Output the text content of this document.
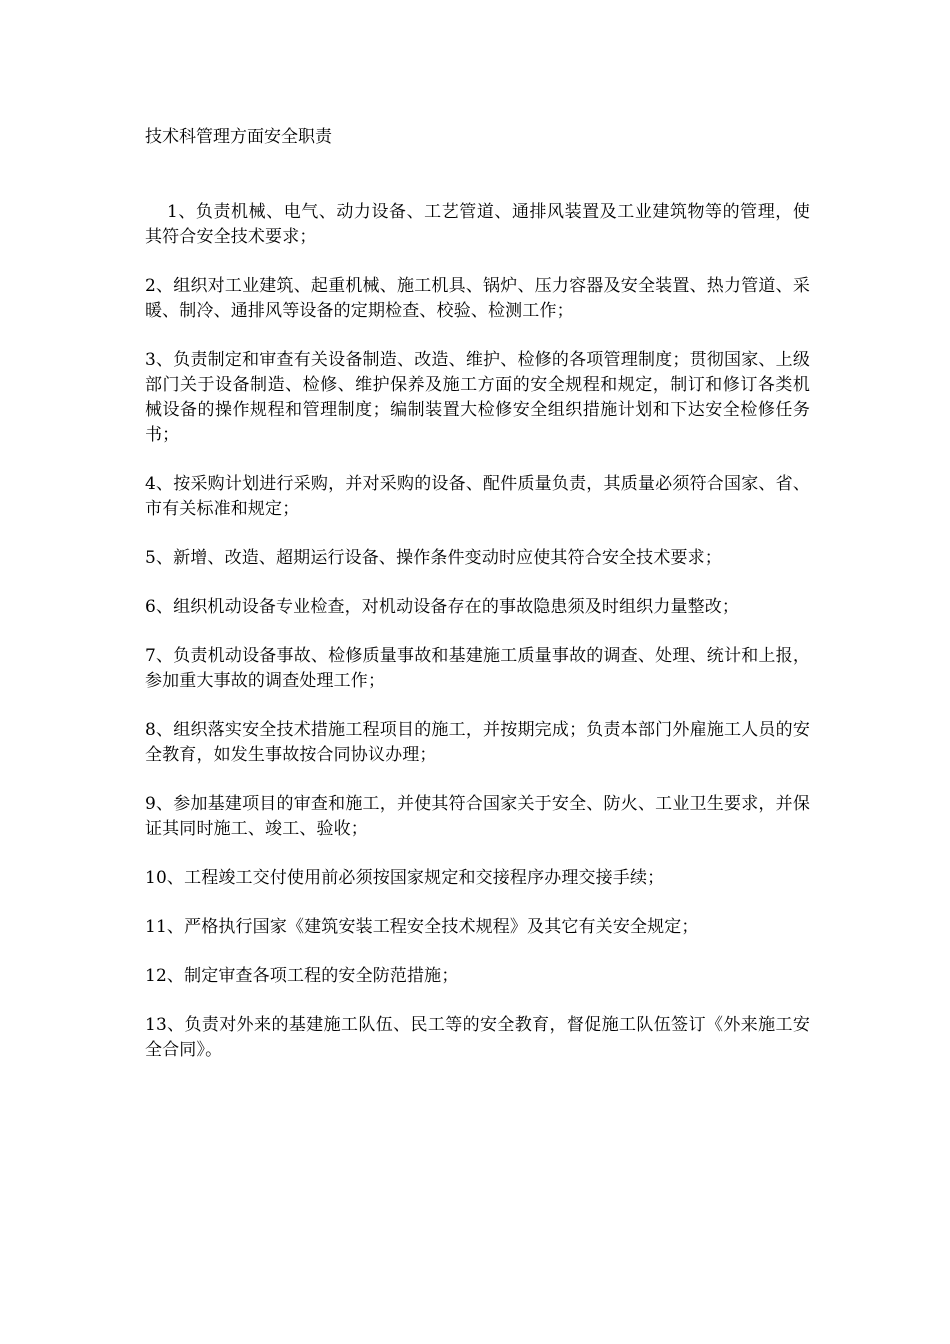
技术科管理方面安全职责

1、负责机械、电气、动力设备、工艺管道、通排风装置及工业建筑物等的管理，使其符合安全技术要求；

2、组织对工业建筑、起重机械、施工机具、锅炉、压力容器及安全装置、热力管道、采暖、制冷、通排风等设备的定期检查、校验、检测工作；

3、负责制定和审查有关设备制造、改造、维护、检修的各项管理制度；贯彻国家、上级部门关于设备制造、检修、维护保养及施工方面的安全规程和规定，制订和修订各类机械设备的操作规程和管理制度；编制装置大检修安全组织措施计划和下达安全检修任务书；

4、按采购计划进行采购，并对采购的设备、配件质量负责，其质量必须符合国家、省、市有关标准和规定；

5、新增、改造、超期运行设备、操作条件变动时应使其符合安全技术要求；

6、组织机动设备专业检查，对机动设备存在的事故隐患须及时组织力量整改；

7、负责机动设备事故、检修质量事故和基建施工质量事故的调查、处理、统计和上报，参加重大事故的调查处理工作；

8、组织落实安全技术措施工程项目的施工，并按期完成；负责本部门外雇施工人员的安全教育，如发生事故按合同协议办理；

9、参加基建项目的审查和施工，并使其符合国家关于安全、防火、工业卫生要求，并保证其同时施工、竣工、验收；

10、工程竣工交付使用前必须按国家规定和交接程序办理交接手续；

11、严格执行国家《建筑安装工程安全技术规程》及其它有关安全规定；

12、制定审查各项工程的安全防范措施；

13、负责对外来的基建施工队伍、民工等的安全教育，督促施工队伍签订《外来施工安全合同》。
